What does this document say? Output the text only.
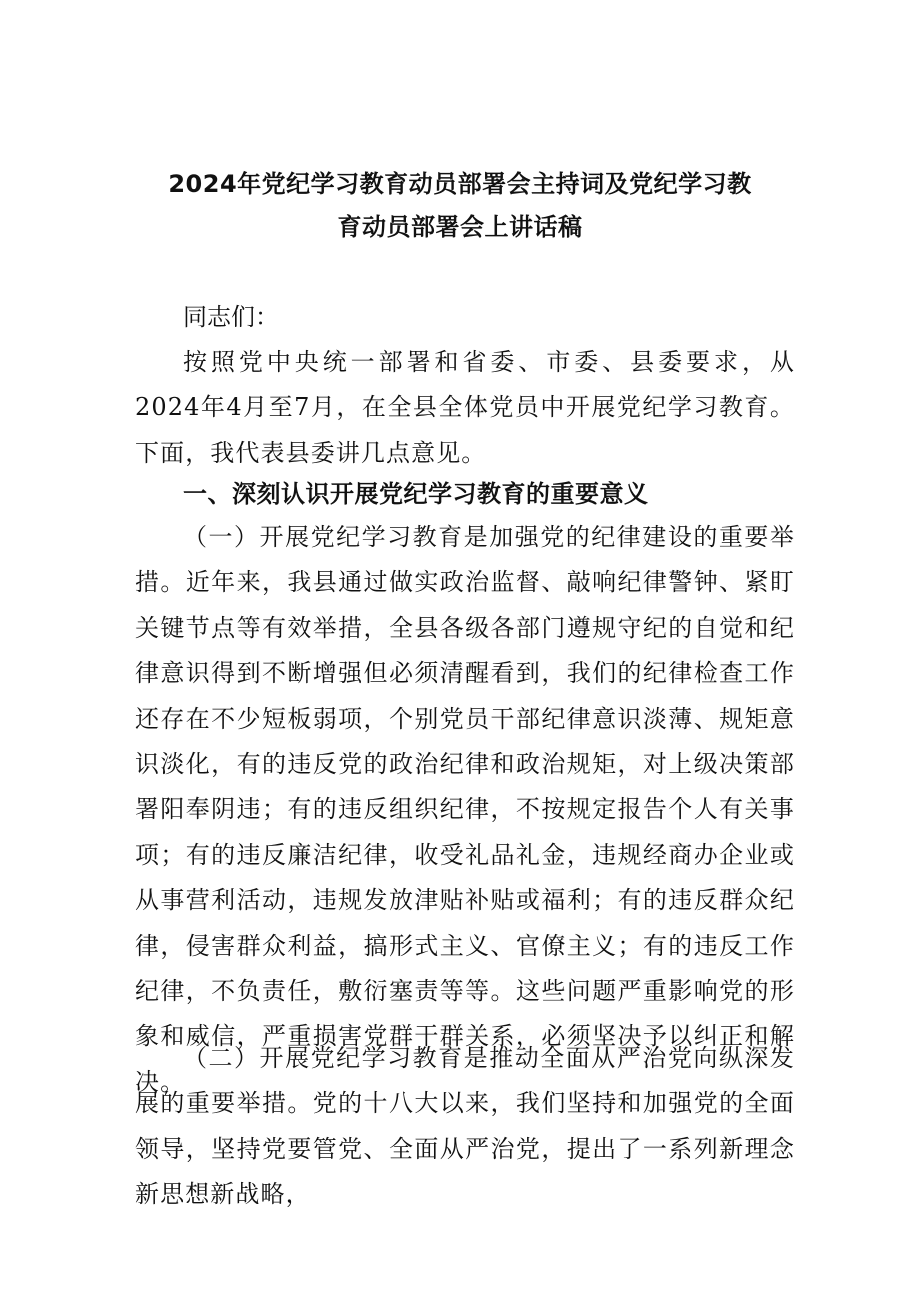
2024年党纪学习教育动员部署会主持词及党纪学习教
育动员部署会上讲话稿

同志们：

按照党中央统一部署和省委、市委、县委要求，从2024年4月至7月，在全县全体党员中开展党纪学习教育。下面，我代表县委讲几点意见。

一、深刻认识开展党纪学习教育的重要意义

（一）开展党纪学习教育是加强党的纪律建设的重要举措。近年来，我县通过做实政治监督、敲响纪律警钟、紧盯关键节点等有效举措，全县各级各部门遵规守纪的自觉和纪律意识得到不断增强但必须清醒看到，我们的纪律检查工作还存在不少短板弱项，个别党员干部纪律意识淡薄、规矩意识淡化，有的违反党的政治纪律和政治规矩，对上级决策部署阳奉阴违；有的违反组织纪律，不按规定报告个人有关事项；有的违反廉洁纪律，收受礼品礼金，违规经商办企业或从事营利活动，违规发放津贴补贴或福利；有的违反群众纪律，侵害群众利益，搞形式主义、官僚主义；有的违反工作纪律，不负责任，敷衍塞责等等。这些问题严重影响党的形象和威信，严重损害党群干群关系，必须坚决予以纠正和解决。

（二）开展党纪学习教育是推动全面从严治党向纵深发展的重要举措。党的十八大以来，我们坚持和加强党的全面领导，坚持党要管党、全面从严治党，提出了一系列新理念新思想新战略，
